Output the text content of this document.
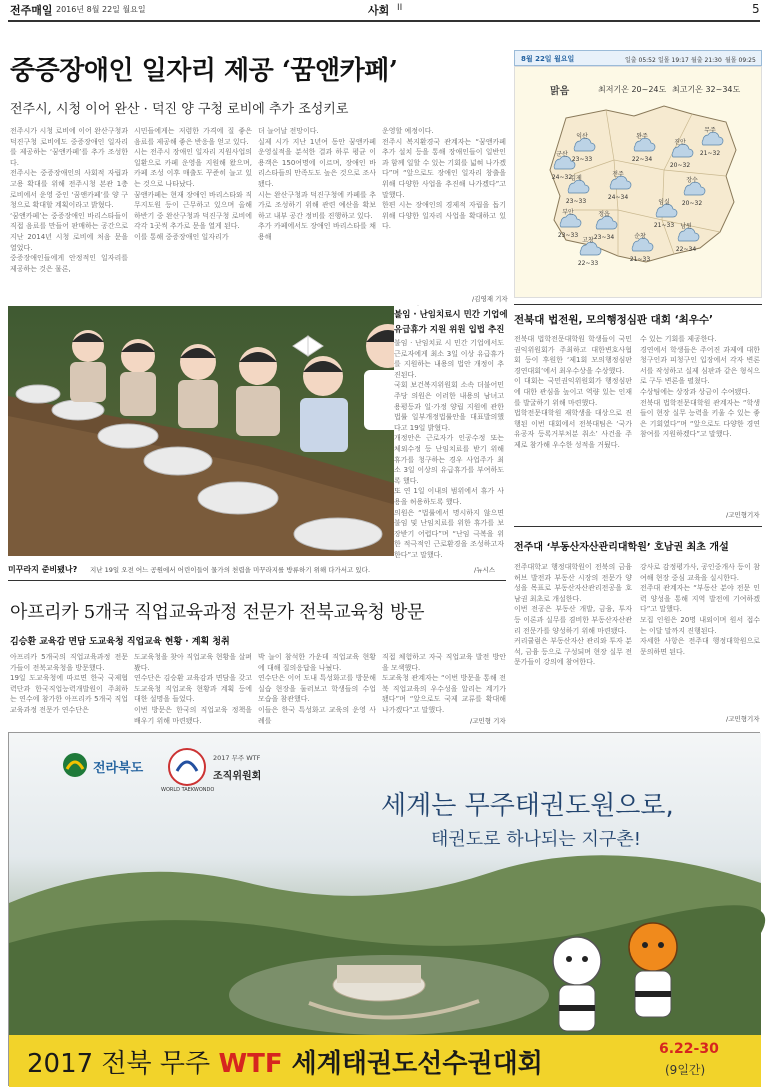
전주매일 2016년 8월 22일 월요일	사회 II	5
중증장애인 일자리 제공 ‘꿈앤카페’
전주시, 시청 이어 완산 · 덕진 양 구청 로비에 추가 조성키로
전주시가 시청 로비에 이어 완산구청과 덕진구청 로비에도 중증장애인 일자리를 제공하는 ‘꿈앤카페’를 추가 조성한다.
전주시는 중증장애인의 사회적 자립과 고용 확대를 위해 전주시청 본관 1층 로비에서 운영 중인 ‘꿈앤카페’를 양 구청으로 확대할 계획이라고 밝혔다.
‘꿈앤카페’는 중증장애인 바리스타들이 직접 음료를 만들어 판매하는 공간으로 지난 2014년 시청 로비에 처음 문을 열었다.
중증장애인들에게 안정적인 일자리를 제공하는 것은 물론,
시민들에게는 저렴한 가격에 질 좋은 음료를 제공해 좋은 반응을 얻고 있다.
시는 전주시 장애인 일자리 지원사업의 일환으로 카페 운영을 지원해 왔으며, 카페 조성 이후 매출도 꾸준히 늘고 있는 것으로 나타났다.
꿈앤카페는 현재 장애인 바리스타와 직무지도원 등이 근무하고 있으며 올해 하반기 중 완산구청과 덕진구청 로비에 각각 1곳씩 추가로 문을 열게 된다.
이를 통해 중증장애인 일자리가
더 늘어날 전망이다.
실제 시가 지난 1년여 동안 꿈앤카페 운영실적을 분석한 결과 하루 평균 이용객은 150여명에 이르며, 장애인 바리스타들의 만족도도 높은 것으로 조사됐다.
시는 완산구청과 덕진구청에 카페를 추가로 조성하기 위해 관련 예산을 확보하고 내부 공간 정비를 진행하고 있다.
추가 카페에서도 장애인 바리스타를 채용해
운영할 예정이다.
전주시 복지환경국 관계자는 “꿈앤카페 추가 설치 등을 통해 장애인들이 일반인과 함께 일할 수 있는 기회를 넓혀 나가겠다”며 “앞으로도 장애인 일자리 창출을 위해 다양한 사업을 추진해 나가겠다”고 말했다.
한편 시는 장애인의 경제적 자립을 돕기 위해 다양한 일자리 사업을 확대하고 있다.
/김영재 기자
8월 22일 월요일	일출 05:52 일몰 19:17 월출 21:30 월몰 09:25
맑음	최저기온 20~24도 최고기온 32~34도
무주
21~32
진안
20~32
장수
20~32
익산
23~33
완주
22~34
전주
24~34
김제
23~33
군산
24~32
부안
23~33
정읍
23~34
임실
21~33
고창
22~33
순창
21~33
남원
22~34
미꾸라지 준비됐나? 지난 19일 오전 어느 공원에서 어린이들이 물가의 천렵을 미꾸라지를 방류하기 위해 다가서고 있다.	/뉴시스
불임 · 난임치료시 민간 기업에
유급휴가 지원 위원 입법 추진
불임 · 난임치료 시 민간 기업에서도 근로자에게 최소 3일 이상 유급휴가를 지원하는 내용의 법안 개정이 추진된다.
국회 보건복지위원회 소속 더불어민주당 의원은 이러한 내용의 남녀고용평등과 일·가정 양립 지원에 관한 법률 일부개정법률안을 대표발의했다고 19일 밝혔다.
개정안은 근로자가 인공수정 또는 체외수정 등 난임치료를 받기 위해 휴가를 청구하는 경우 사업주가 최소 3일 이상의 유급휴가를 부여하도록 했다.
또 연 1일 이내의 범위에서 휴가 사용을 허용하도록 했다.
의원은 “법률에서 명시하지 않으면 불임 및 난임치료를 위한 휴가를 보장받기 어렵다”며 “난임 극복을 위한 적극적인 근로환경을 조성하고자 한다”고 말했다.
전북대 법전원, 모의행정심판 대회 ‘최우수’
전북대 법학전문대학원 학생들이 국민권익위원회가 주최하고 대한변호사협회 등이 후원한 ‘제1회 모의행정심판 경연대회’에서 최우수상을 수상했다.
이 대회는 국민권익위원회가 행정심판에 대한 관심을 높이고 역량 있는 인재를 발굴하기 위해 마련했다.
법학전문대학원 재학생을 대상으로 진행된 이번 대회에서 전북대팀은 ‘국가유공자 등록거부처분 취소’ 사건을 주제로 참가해 우수한 성적을 거뒀다.
수 있는 기회를 제공한다.
경연에서 학생들은 주어진 과제에 대한 청구인과 피청구인 입장에서 각자 변론서를 작성하고 실제 심판과 같은 형식으로 구두 변론을 펼쳤다.
수상팀에는 상장과 상금이 수여됐다.
전북대 법학전문대학원 관계자는 “학생들이 현장 실무 능력을 키울 수 있는 좋은 기회였다”며 “앞으로도 다양한 경연 참여를 지원하겠다”고 말했다.
/고민형기자
전주대 ‘부동산자산관리대학원’ 호남권 최초 개설
전주대학교 행정대학원이 전북의 금융허브 발전과 부동산 시장의 전문가 양성을 목표로 부동산자산관리전공을 호남권 최초로 개설한다.
이번 전공은 부동산 개발, 금융, 투자 등 이론과 실무를 겸비한 부동산자산관리 전문가를 양성하기 위해 마련됐다.
커리큘럼은 부동산자산 관리와 투자 분석, 금융 등으로 구성되며 현장 실무 전문가들이 강의에 참여한다.
강사로 감정평가사, 공인중개사 등이 참여해 현장 중심 교육을 실시한다.
전주대 관계자는 “부동산 분야 전문 인력 양성을 통해 지역 발전에 기여하겠다”고 말했다.
모집 인원은 20명 내외이며 원서 접수는 이달 말까지 진행된다.
자세한 사항은 전주대 행정대학원으로 문의하면 된다.
/고민형기자
아프리카 5개국 직업교육과정 전문가 전북교육청 방문
김승환 교육감 면담 도교육청 직업교육 현황 · 계획 청취
아프리카 5개국의 직업교육과정 전문가들이 전북교육청을 방문했다.
19일 도교육청에 따르면 한국 국제협력단과 한국직업능력개발원이 주최하는 연수에 참가한 아프리카 5개국 직업교육과정 전문가 연수단은
도교육청을 찾아 직업교육 현황을 살펴봤다.
연수단은 김승환 교육감과 면담을 갖고 도교육청 직업교육 현황과 계획 등에 대한 설명을 들었다.
이번 방문은 한국의 직업교육 정책을 배우기 위해 마련됐다.
박 늘이 참석한 가운데 직업교육 현황에 대해 질의응답을 나눴다.
연수단은 이어 도내 특성화고를 방문해 실습 현장을 둘러보고 학생들의 수업 모습을 참관했다.
이들은 한국 특성화고 교육의 운영 사례를
직접 체험하고 자국 직업교육 발전 방안을 모색했다.
도교육청 관계자는 “이번 방문을 통해 전북 직업교육의 우수성을 알리는 계기가 됐다”며 “앞으로도 국제 교류를 확대해 나가겠다”고 말했다.
/고민형 기자
전라북도
WORLD TAEKWONDO
2017 무주 WTF
조직위원회
세계는 무주태권도원으로,
태권도로 하나되는 지구촌!
2017 전북 무주 WTF 세계태권도선수권대회	6.22-30
(9일간)
